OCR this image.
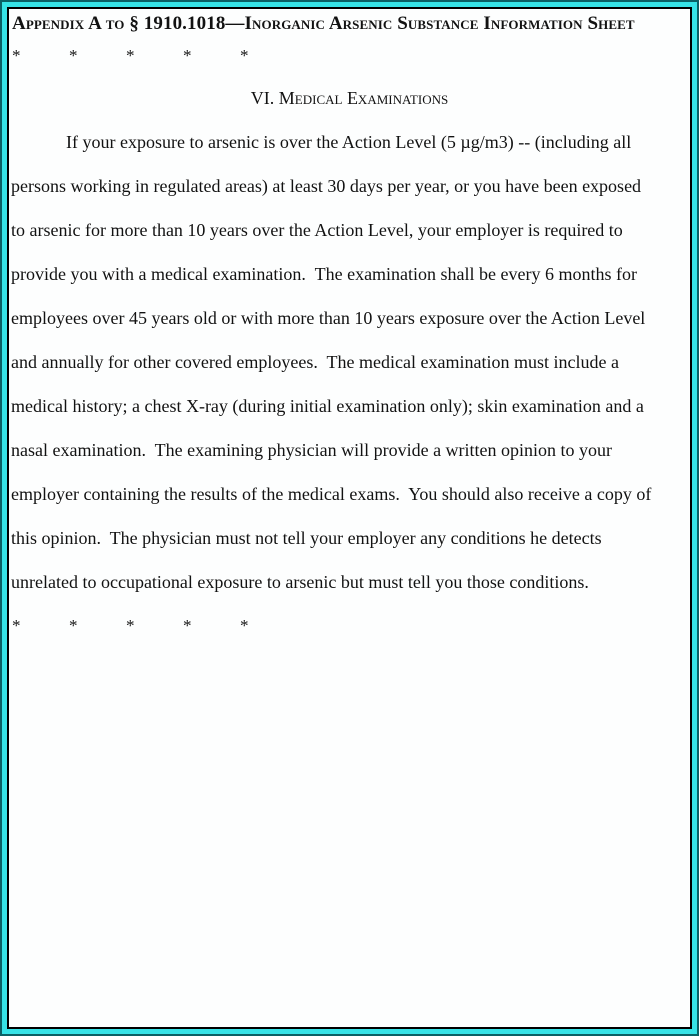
Appendix A to § 1910.1018—Inorganic Arsenic Substance Information Sheet
*	*	*	*	*
VI. Medical Examinations
If your exposure to arsenic is over the Action Level (5 µg/m3) -- (including all
persons working in regulated areas) at least 30 days per year, or you have been exposed
to arsenic for more than 10 years over the Action Level, your employer is required to
provide you with a medical examination.  The examination shall be every 6 months for
employees over 45 years old or with more than 10 years exposure over the Action Level
and annually for other covered employees.  The medical examination must include a
medical history; a chest X-ray (during initial examination only); skin examination and a
nasal examination.  The examining physician will provide a written opinion to your
employer containing the results of the medical exams.  You should also receive a copy of
this opinion.  The physician must not tell your employer any conditions he detects
unrelated to occupational exposure to arsenic but must tell you those conditions.
*	*	*	*	*
